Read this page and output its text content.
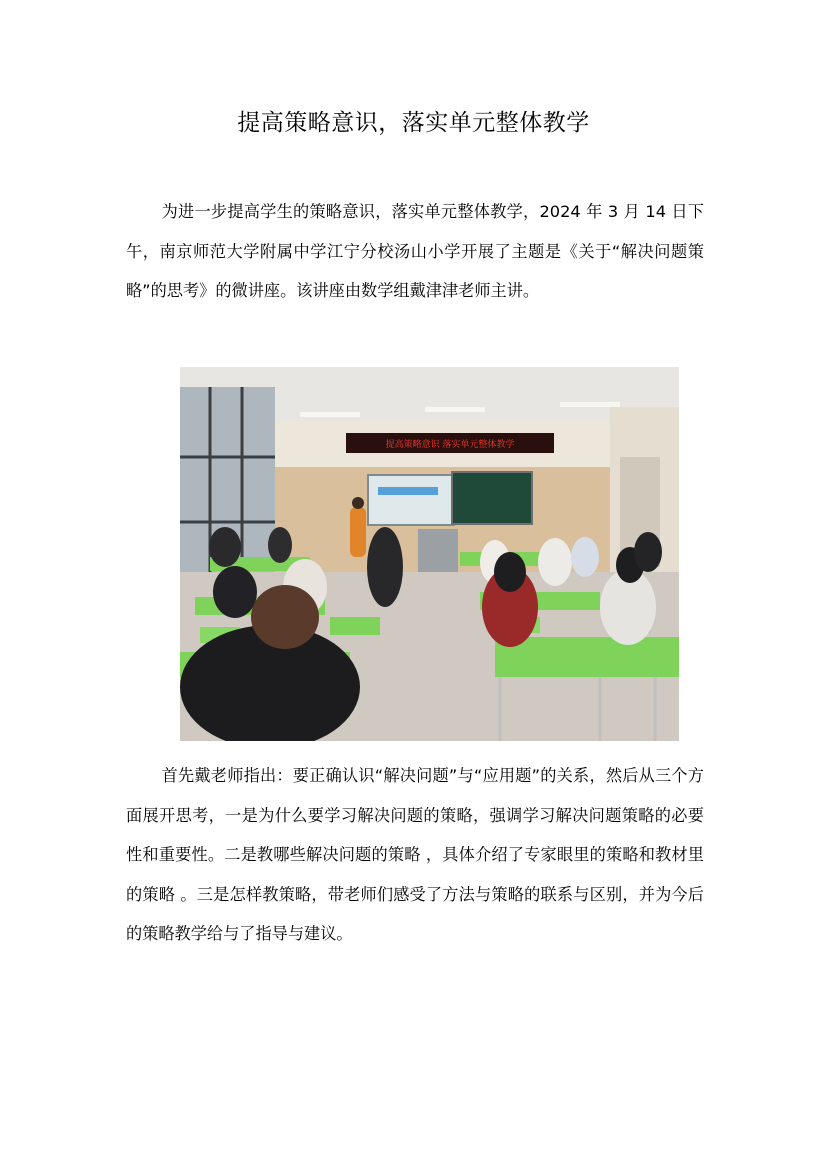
提高策略意识，落实单元整体教学

为进一步提高学生的策略意识，落实单元整体教学，2024 年 3 月 14 日下午，南京师范大学附属中学江宁分校汤山小学开展了主题是《关于“解决问题策略”的思考》的微讲座。该讲座由数学组戴津津老师主讲。

提高策略意识 落实单元整体教学

首先戴老师指出：要正确认识“解决问题”与“应用题”的关系，然后从三个方面展开思考，一是为什么要学习解决问题的策略，强调学习解决问题策略的必要性和重要性。二是教哪些解决问题的策略 ，具体介绍了专家眼里的策略和教材里的策略 。三是怎样教策略，带老师们感受了方法与策略的联系与区别，并为今后的策略教学给与了指导与建议。
